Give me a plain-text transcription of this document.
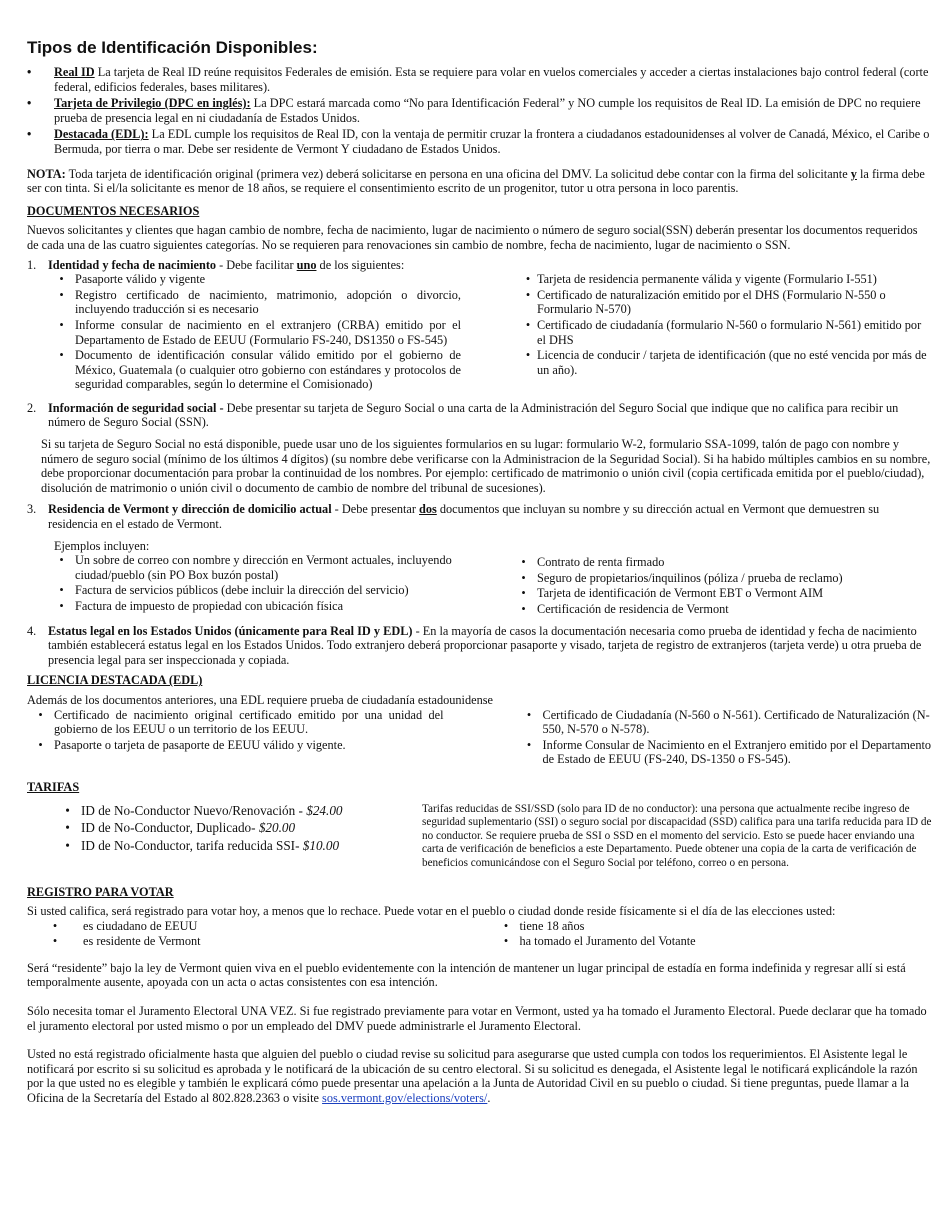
Tipos de Identificación Disponibles:
•	Real ID La tarjeta de Real ID reúne requisitos Federales de emisión. Esta se requiere para volar en vuelos comerciales y acceder a ciertas instalaciones bajo control federal (corte federal, edificios federales, bases militares).
•	Tarjeta de Privilegio (DPC en inglés): La DPC estará marcada como “No para Identificación Federal” y NO cumple los requisitos de Real ID. La emisión de DPC no requiere prueba de presencia legal en ni ciudadanía de Estados Unidos.
•	Destacada (EDL): La EDL cumple los requisitos de Real ID, con la ventaja de permitir cruzar la frontera a ciudadanos estadounidenses al volver de Canadá, México, el Caribe o Bermuda, por tierra o mar. Debe ser residente de Vermont Y ciudadano de Estados Unidos.

NOTA: Toda tarjeta de identificación original (primera vez) deberá solicitarse en persona en una oficina del DMV. La solicitud debe contar con la firma del solicitante y la firma debe ser con tinta. Si el/la solicitante es menor de 18 años, se requiere el consentimiento escrito de un progenitor, tutor u otra persona in loco parentis.

DOCUMENTOS NECESARIOS

Nuevos solicitantes y clientes que hagan cambio de nombre, fecha de nacimiento, lugar de nacimiento o número de seguro social(SSN) deberán presentar los documentos requeridos de cada una de las cuatro siguientes categorías. No se requieren para renovaciones sin cambio de nombre, fecha de nacimiento, lugar de nacimiento o SSN.

1. Identidad y fecha de nacimiento - Debe facilitar uno de los siguientes:
• Pasaporte válido y vigente
• Registro certificado de nacimiento, matrimonio, adopción o divorcio, incluyendo traducción si es necesario
• Informe consular de nacimiento en el extranjero (CRBA) emitido por el Departamento de Estado de EEUU (Formulario FS-240, DS1350 o FS-545)
• Documento de identificación consular válido emitido por el gobierno de México, Guatemala (o cualquier otro gobierno con estándares y protocolos de seguridad comparables, según lo determine el Comisionado)
• Tarjeta de residencia permanente válida y vigente (Formulario I-551)
• Certificado de naturalización emitido por el DHS (Formulario N-550 o Formulario N-570)
• Certificado de ciudadanía (formulario N-560 o formulario N-561) emitido por el DHS
• Licencia de conducir / tarjeta de identificación (que no esté vencida por más de un año).
2. Información de seguridad social - Debe presentar su tarjeta de Seguro Social o una carta de la Administración del Seguro Social que indique que no califica para recibir un número de Seguro Social (SSN).

Si su tarjeta de Seguro Social no está disponible, puede usar uno de los siguientes formularios en su lugar: formulario W-2, formulario SSA-1099, talón de pago con nombre y número de seguro social (mínimo de los últimos 4 dígitos) (su nombre debe verificarse con la Administracion de la Seguridad Social). Si ha habido múltiples cambios en su nombre, debe proporcionar documentación para probar la continuidad de los nombres. Por ejemplo: certificado de matrimonio o unión civil (copia certificada emitida por el pueblo/ciudad), disolución de matrimonio o unión civil o documento de cambio de nombre del tribunal de sucesiones).

3. Residencia de Vermont y dirección de domicilio actual - Debe presentar dos documentos que incluyan su nombre y su dirección actual en Vermont que demuestren su residencia en el estado de Vermont.

Ejemplos incluyen:

• Un sobre de correo con nombre y dirección en Vermont actuales, incluyendo ciudad/pueblo (sin PO Box buzón postal)
• Factura de servicios públicos (debe incluir la dirección del servicio)
• Factura de impuesto de propiedad con ubicación física
• Contrato de renta firmado
• Seguro de propietarios/inquilinos (póliza / prueba de reclamo)
• Tarjeta de identificación de Vermont EBT o Vermont AIM
• Certificación de residencia de Vermont
4. Estatus legal en los Estados Unidos (únicamente para Real ID y EDL) - En la mayoría de casos la documentación necesaria como prueba de identidad y fecha de nacimiento también establecerá estatus legal en los Estados Unidos. Todo extranjero deberá proporcionar pasaporte y visado, tarjeta de registro de extranjeros (tarjeta verde) u otra prueba de presencia legal para ser inspeccionada y copiada.
LICENCIA DESTACADA (EDL)

Además de los documentos anteriores, una EDL requiere prueba de ciudadanía estadounidense

• Certificado de nacimiento original certificado emitido por una unidad del gobierno de los EEUU o un territorio de los EEUU.
• Pasaporte o tarjeta de pasaporte de EEUU válido y vigente.
• Certificado de Ciudadanía (N-560 o N-561). Certificado de Naturalización (N-550, N-570 o N-578).
• Informe Consular de Nacimiento en el Extranjero emitido por el Departamento de Estado de EEUU (FS-240, DS-1350 o FS-545).
TARIFAS
• ID de No-Conductor Nuevo/Renovación - $24.00
• ID de No-Conductor, Duplicado- $20.00
• ID de No-Conductor, tarifa reducida SSI- $10.00
Tarifas reducidas de SSI/SSD (solo para ID de no conductor): una persona que actualmente recibe ingreso de seguridad suplementario (SSI) o seguro social por discapacidad (SSD) califica para una tarifa reducida para ID de no conductor. Se requiere prueba de SSI o SSD en el momento del servicio. Esto se puede hacer enviando una carta de verificación de beneficios a este Departamento. Puede obtener una copia de la carta de verificación de beneficios comunicándose con el Seguro Social por teléfono, correo o en persona.
REGISTRO PARA VOTAR

Si usted califica, será registrado para votar hoy, a menos que lo rechace. Puede votar en el pueblo o ciudad donde reside físicamente si el día de las elecciones usted:

•	es ciudadano de EEUU
•	es residente de Vermont
• tiene 18 años
• ha tomado el Juramento del Votante

Será “residente” bajo la ley de Vermont quien viva en el pueblo evidentemente con la intención de mantener un lugar principal de estadía en forma indefinida y regresar allí si está temporalmente ausente, apoyada con un acta o actas consistentes con esa intención.

Sólo necesita tomar el Juramento Electoral UNA VEZ. Si fue registrado previamente para votar en Vermont, usted ya ha tomado el Juramento Electoral. Puede declarar que ha tomado el juramento electoral por usted mismo o por un empleado del DMV puede administrarle el Juramento Electoral.

Usted no está registrado oficialmente hasta que alguien del pueblo o ciudad revise su solicitud para asegurarse que usted cumpla con todos los requerimientos. El Asistente legal le notificará por escrito si su solicitud es aprobada y le notificará de la ubicación de su centro electoral. Si su solicitud es denegada, el Asistente legal le notificará explicándole la razón por la que usted no es elegible y también le explicará cómo puede presentar una apelación a la Junta de Autoridad Civil en su pueblo o ciudad. Si tiene preguntas, puede llamar a la Oficina de la Secretaría del Estado al 802.828.2363 o visite sos.vermont.gov/elections/voters/.
